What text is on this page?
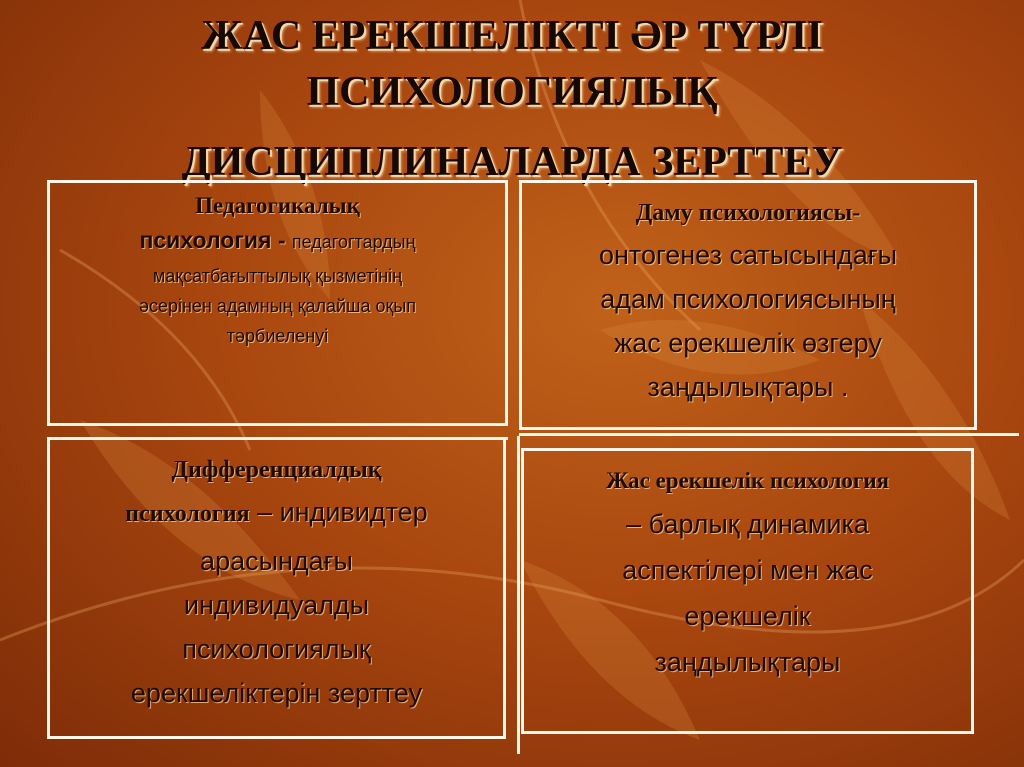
ЖАС ЕРЕКШЕЛІКТІ ӘР ТҮРЛІ
ПСИХОЛОГИЯЛЫҚ
ДИСЦИПЛИНАЛАРДА ЗЕРТТЕУ
Педагогикалық
психология - педагогтардың
мақсатбағыттылық қызметінің
әсерінен адамның қалайша оқып
тәрбиеленуі
Даму психологиясы-
онтогенез сатысындағы
адам психологиясының
жас ерекшелік өзгеру
заңдылықтары .
Дифференциалдық
психология – индивидтер
арасындағы
индивидуалды
психологиялық
ерекшеліктерін зерттеу
Жас ерекшелік психология
– барлық динамика
аспектілері мен жас
ерекшелік
заңдылықтары
